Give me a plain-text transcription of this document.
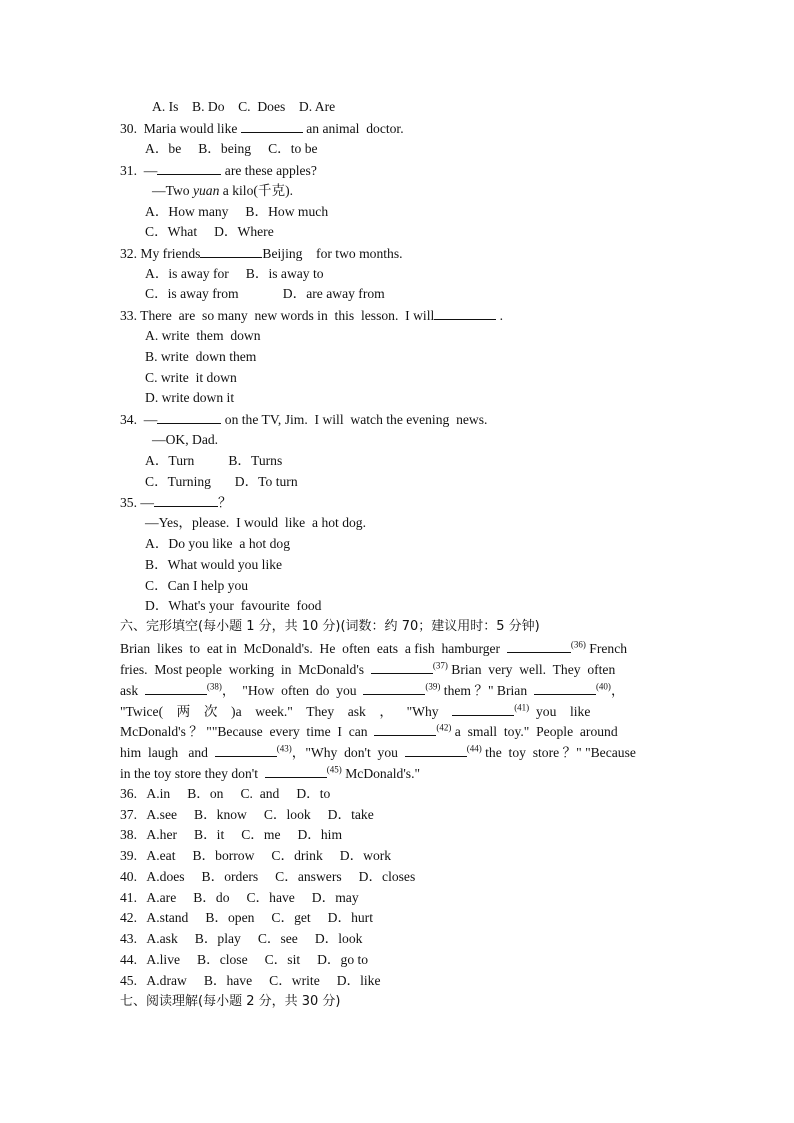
A. Is    B. Do    C.  Does    D. Are
30.  Maria would like	an animal  doctor.
A．be     B．being     C．to be
31.  —	are these apples?
—Two yuan a kilo(千克).
A．How many     B．How much
C．What     D．Where
32. My friends	Beijing    for two months.
A．is away for     B．is away to
C．is away from             D．are away from
33. There  are  so many  new words in  this  lesson.  I will	.
A. write  them  down
B. write  down them
C. write  it down
D. write down it
34.  —	on the TV, Jim.  I will  watch the evening  news.
—OK, Dad.
A．Turn          B．Turns
C．Turning       D．To turn
35. —	？
—Yes，please.  I would  like  a hot dog.
A．Do you like  a hot dog
B．What would you like
C．Can I help you
D．What's your  favourite  food
六、完形填空(每小题 1 分，共 10 分)(词数：约 70；建议用时：5 分钟)
Brian  likes  to  eat in  McDonald's.  He  often  eats  a fish  hamburger	$^{(36)}$ French
fries.  Most people  working  in  McDonald's	$^{(37)}$ Brian  very  well.  They  often
ask	$^{(38)}$，  "How  often  do  you	$^{(39)}$ them ？" Brian	$^{(40)}$，
"Twice(    两    次    )a    week."    They    ask    ，    "Why	$^{(41)}$  you    like
McDonald's ？ ""Because  every  time  I  can	$^{(42)}$ a  small  toy."  People  around
him  laugh   and	$^{(43)}$，"Why  don't  you	$^{(44)}$ the  toy  store ？" "Because
in the toy store they don't	$^{(45)}$ McDonald's."
36.   A.in     B．on     C.  and     D．to
37.   A.see     B．know     C．look     D．take
38.   A.her     B．it     C．me     D．him
39.   A.eat     B．borrow     C．drink     D．work
40.   A.does     B．orders     C．answers     D．closes
41.   A.are     B．do     C．have     D．may
42.   A.stand     B．open     C．get     D．hurt
43.   A.ask     B．play     C．see     D．look
44.   A.live     B．close     C．sit     D．go to
45.   A.draw     B．have     C．write     D．like
七、阅读理解(每小题 2 分，共 30 分)
